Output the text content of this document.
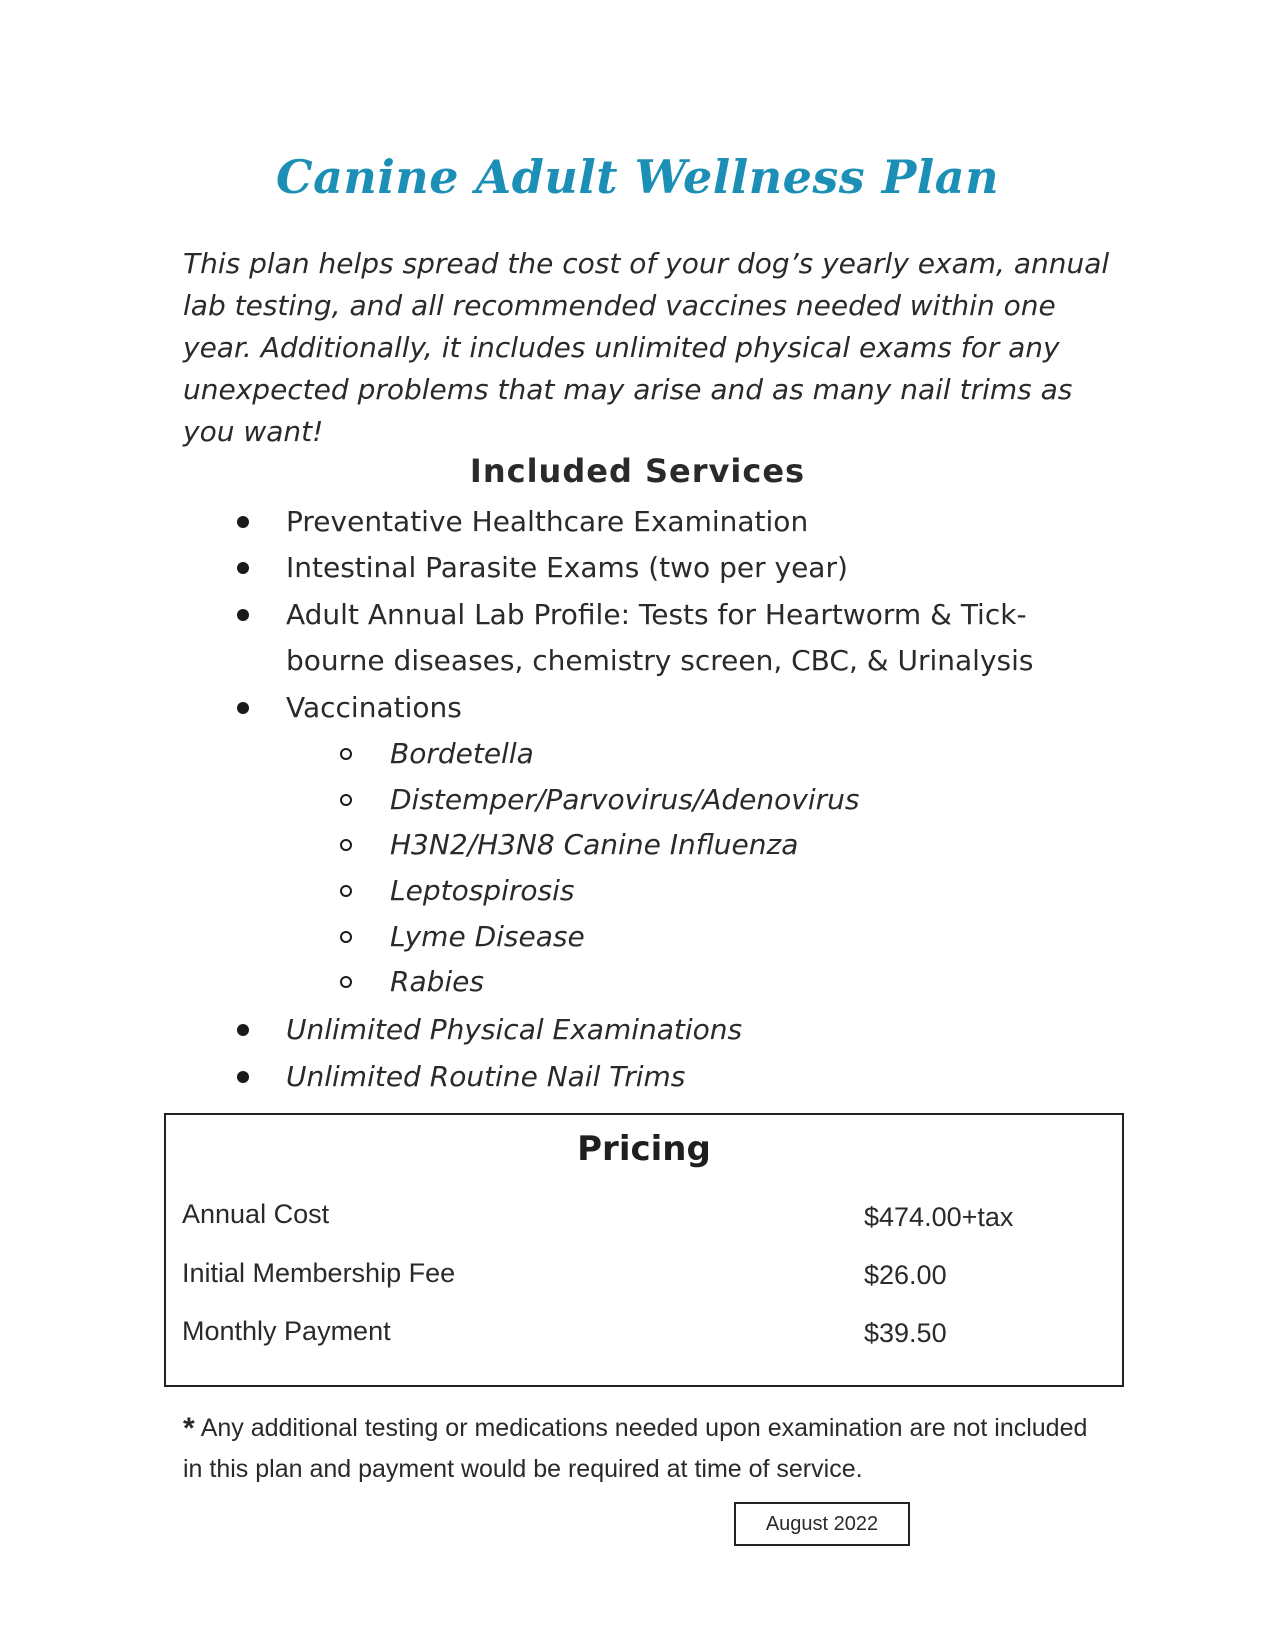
Canine Adult Wellness Plan
This plan helps spread the cost of your dog’s yearly exam, annual lab testing, and all recommended vaccines needed within one year. Additionally, it includes unlimited physical exams for any unexpected problems that may arise and as many nail trims as you want!
Included Services
Preventative Healthcare Examination
Intestinal Parasite Exams (two per year)
Adult Annual Lab Profile: Tests for Heartworm & Tick-
bourne diseases, chemistry screen, CBC, & Urinalysis
Vaccinations
Bordetella
Distemper/Parvovirus/Adenovirus
H3N2/H3N8 Canine Influenza
Leptospirosis
Lyme Disease
Rabies
Unlimited Physical Examinations
Unlimited Routine Nail Trims
Pricing
Annual Cost	$474.00+tax
Initial Membership Fee	$26.00
Monthly Payment	$39.50
* Any additional testing or medications needed upon examination are not included in this plan and payment would be required at time of service.
August 2022
